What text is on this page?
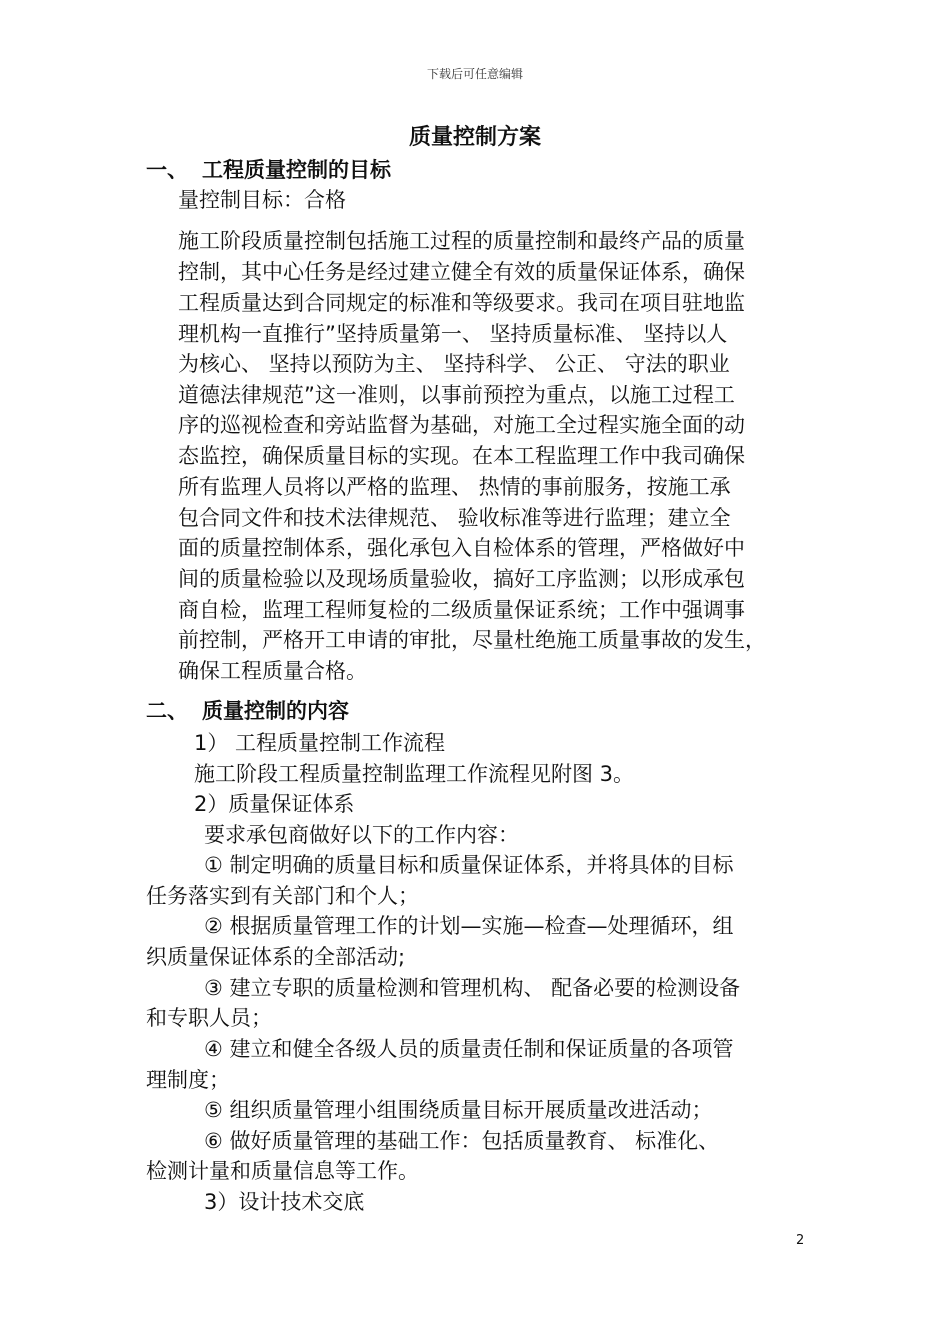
下载后可任意编辑
质量控制方案
一、 工程质量控制的目标
量控制目标：合格
施工阶段质量控制包括施工过程的质量控制和最终产品的质量
控制，其中心任务是经过建立健全有效的质量保证体系，确保
工程质量达到合同规定的标准和等级要求。我司在项目驻地监
理机构一直推行”坚持质量第一、 坚持质量标准、 坚持以人
为核心、 坚持以预防为主、 坚持科学、 公正、 守法的职业
道德法律规范”这一准则，以事前预控为重点，以施工过程工
序的巡视检查和旁站监督为基础，对施工全过程实施全面的动
态监控，确保质量目标的实现。在本工程监理工作中我司确保
所有监理人员将以严格的监理、 热情的事前服务，按施工承
包合同文件和技术法律规范、 验收标准等进行监理；建立全
面的质量控制体系，强化承包入自检体系的管理，严格做好中
间的质量检验以及现场质量验收，搞好工序监测；以形成承包
商自检，监理工程师复检的二级质量保证系统；工作中强调事
前控制，严格开工申请的审批，尽量杜绝施工质量事故的发生，
确保工程质量合格。
二、 质量控制的内容
1） 工程质量控制工作流程
施工阶段工程质量控制监理工作流程见附图 3。
2）质量保证体系
要求承包商做好以下的工作内容：
① 制定明确的质量目标和质量保证体系，并将具体的目标
任务落实到有关部门和个人；
② 根据质量管理工作的计划—实施—检查—处理循环，组
织质量保证体系的全部活动;
③ 建立专职的质量检测和管理机构、 配备必要的检测设备
和专职人员；
④ 建立和健全各级人员的质量责任制和保证质量的各项管
理制度；
⑤ 组织质量管理小组围绕质量目标开展质量改进活动；
⑥ 做好质量管理的基础工作：包括质量教育、 标准化、
检测计量和质量信息等工作。
3）设计技术交底
2
